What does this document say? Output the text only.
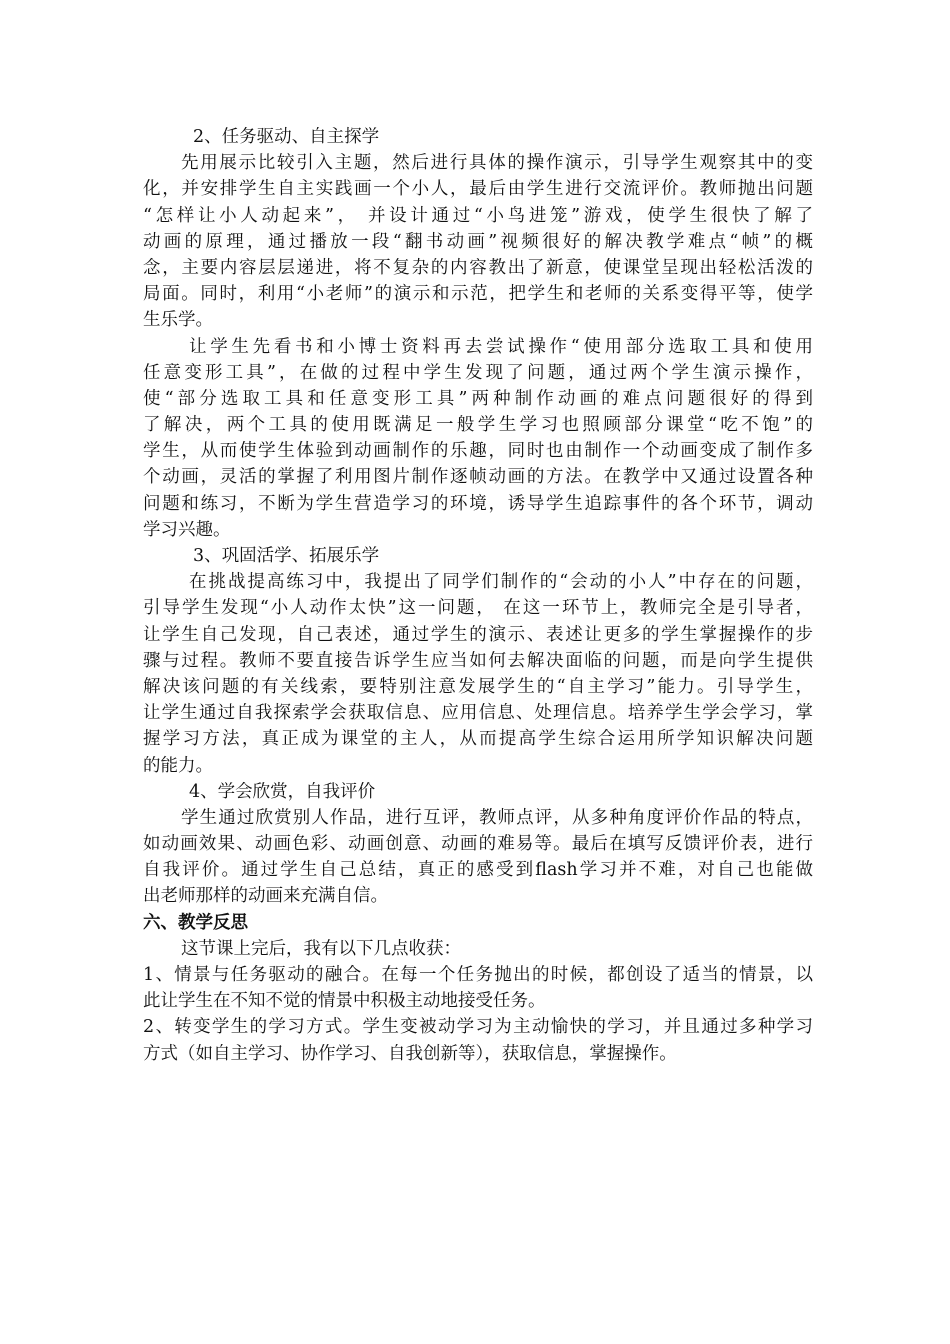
2、任务驱动、自主探学
先用展示比较引入主题，然后进行具体的操作演示，引导学生观察其中的变
化，并安排学生自主实践画一个小人，最后由学生进行交流评价。教师抛出问题
“怎样让小人动起来”， 并设计通过“小鸟进笼”游戏，使学生很快了解了
动画的原理，通过播放一段“翻书动画”视频很好的解决教学难点“帧”的概
念，主要内容层层递进，将不复杂的内容教出了新意，使课堂呈现出轻松活泼的
局面。同时，利用“小老师”的演示和示范，把学生和老师的关系变得平等，使学
生乐学。
让学生先看书和小博士资料再去尝试操作“使用部分选取工具和使用
任意变形工具”，在做的过程中学生发现了问题，通过两个学生演示操作，
使“部分选取工具和任意变形工具”两种制作动画的难点问题很好的得到
了解决，两个工具的使用既满足一般学生学习也照顾部分课堂“吃不饱”的
学生，从而使学生体验到动画制作的乐趣，同时也由制作一个动画变成了制作多
个动画，灵活的掌握了利用图片制作逐帧动画的方法。在教学中又通过设置各种
问题和练习，不断为学生营造学习的环境，诱导学生追踪事件的各个环节，调动
学习兴趣。
3、巩固活学、拓展乐学
在挑战提高练习中，我提出了同学们制作的“会动的小人”中存在的问题，
引导学生发现“小人动作太快”这一问题， 在这一环节上，教师完全是引导者，
让学生自己发现，自己表述，通过学生的演示、表述让更多的学生掌握操作的步
骤与过程。教师不要直接告诉学生应当如何去解决面临的问题，而是向学生提供
解决该问题的有关线索，要特别注意发展学生的“自主学习”能力。引导学生，
让学生通过自我探索学会获取信息、应用信息、处理信息。培养学生学会学习，掌
握学习方法，真正成为课堂的主人，从而提高学生综合运用所学知识解决问题
的能力。
4、学会欣赏，自我评价
学生通过欣赏别人作品，进行互评，教师点评，从多种角度评价作品的特点，
如动画效果、动画色彩、动画创意、动画的难易等。最后在填写反馈评价表，进行
自我评价。通过学生自己总结，真正的感受到flash学习并不难，对自己也能做
出老师那样的动画来充满自信。
六、教学反思
这节课上完后，我有以下几点收获：
1、情景与任务驱动的融合。在每一个任务抛出的时候，都创设了适当的情景，以
此让学生在不知不觉的情景中积极主动地接受任务。
2、转变学生的学习方式。学生变被动学习为主动愉快的学习，并且通过多种学习
方式（如自主学习、协作学习、自我创新等），获取信息，掌握操作。
